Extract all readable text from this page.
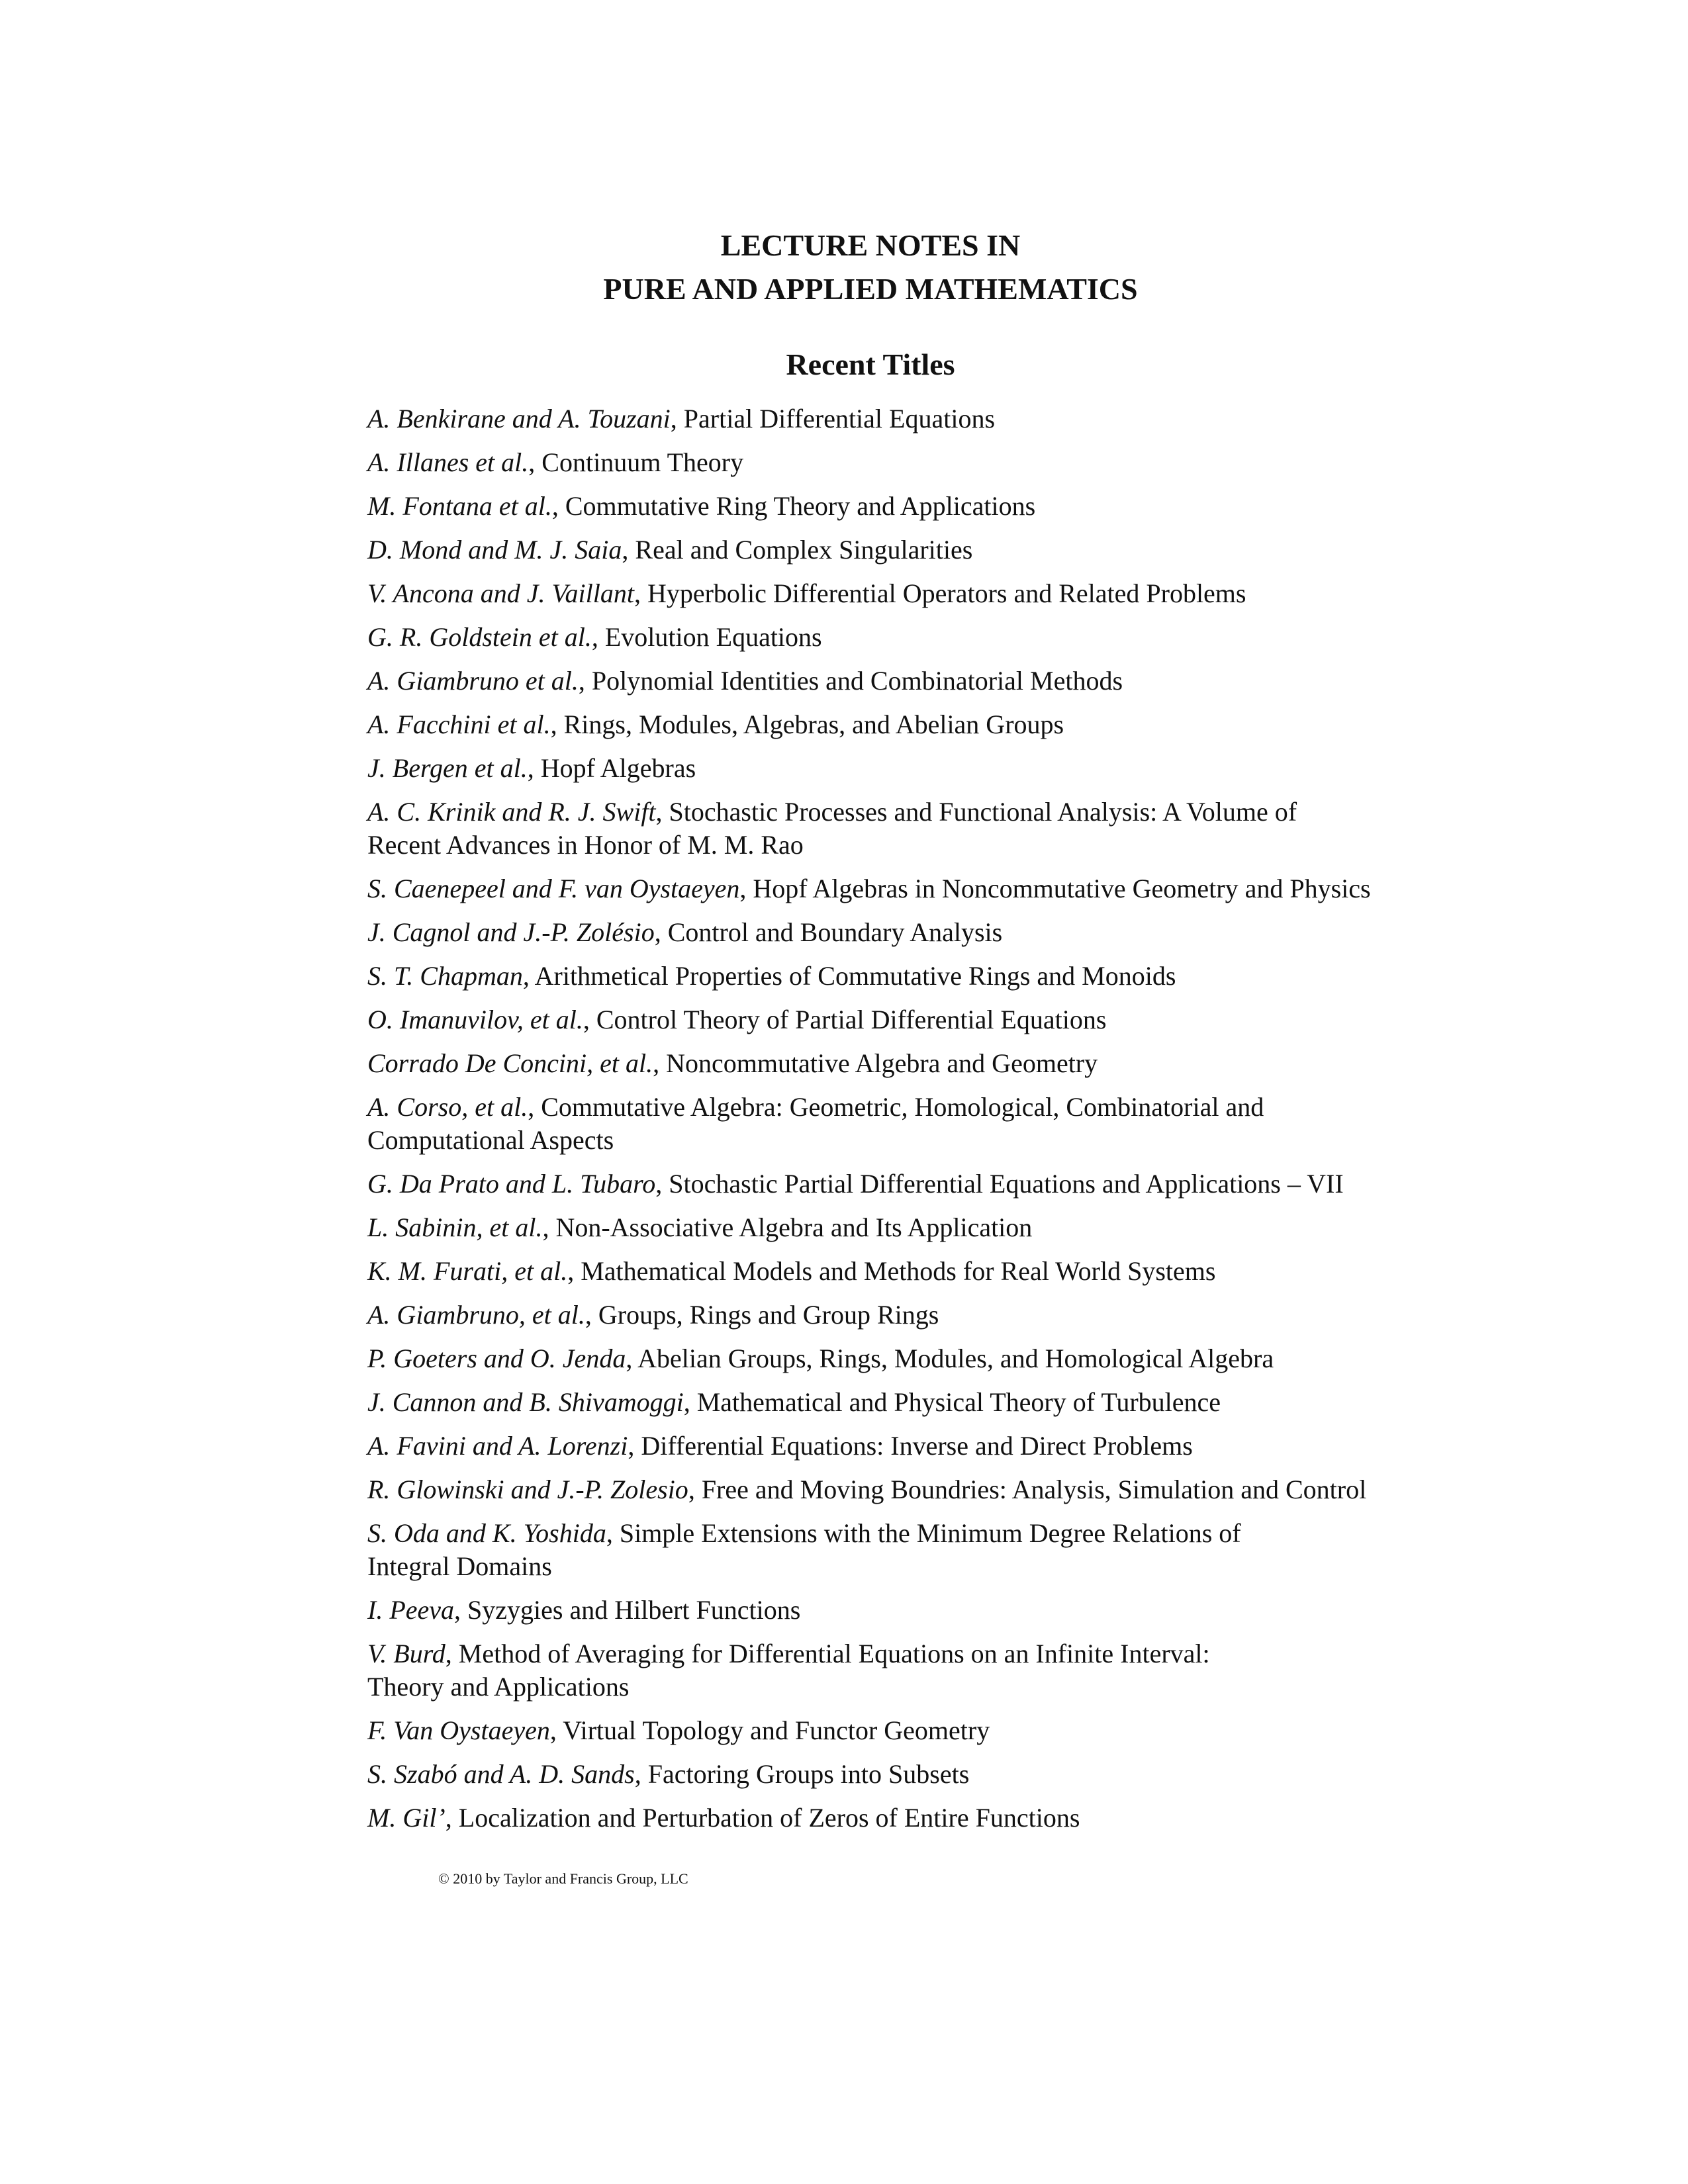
LECTURE NOTES IN
PURE AND APPLIED MATHEMATICS
Recent Titles
A. Benkirane and A. Touzani, Partial Differential Equations
A. Illanes et al., Continuum Theory
M. Fontana et al., Commutative Ring Theory and Applications
D. Mond and M. J. Saia, Real and Complex Singularities
V. Ancona and J. Vaillant, Hyperbolic Differential Operators and Related Problems
G. R. Goldstein et al., Evolution Equations
A. Giambruno et al., Polynomial Identities and Combinatorial Methods
A. Facchini et al., Rings, Modules, Algebras, and Abelian Groups
J. Bergen et al., Hopf Algebras
A. C. Krinik and R. J. Swift, Stochastic Processes and Functional Analysis: A Volume of
Recent Advances in Honor of M. M. Rao
S. Caenepeel and F. van Oystaeyen, Hopf Algebras in Noncommutative Geometry and Physics
J. Cagnol and J.-P. Zolésio, Control and Boundary Analysis
S. T. Chapman, Arithmetical Properties of Commutative Rings and Monoids
O. Imanuvilov, et al., Control Theory of Partial Differential Equations
Corrado De Concini, et al., Noncommutative Algebra and Geometry
A. Corso, et al., Commutative Algebra: Geometric, Homological, Combinatorial and
Computational Aspects
G. Da Prato and L. Tubaro, Stochastic Partial Differential Equations and Applications – VII
L. Sabinin, et al., Non-Associative Algebra and Its Application
K. M. Furati, et al., Mathematical Models and Methods for Real World Systems
A. Giambruno, et al., Groups, Rings and Group Rings
P. Goeters and O. Jenda, Abelian Groups, Rings, Modules, and Homological Algebra
J. Cannon and B. Shivamoggi, Mathematical and Physical Theory of Turbulence
A. Favini and A. Lorenzi, Differential Equations: Inverse and Direct Problems
R. Glowinski and J.-P. Zolesio, Free and Moving Boundries: Analysis, Simulation and Control
S. Oda and K. Yoshida, Simple Extensions with the Minimum Degree Relations of
Integral Domains
I. Peeva, Syzygies and Hilbert Functions
V. Burd, Method of Averaging for Differential Equations on an Infinite Interval:
Theory and Applications
F. Van Oystaeyen, Virtual Topology and Functor Geometry
S. Szabó and A. D. Sands, Factoring Groups into Subsets
M. Gil’, Localization and Perturbation of Zeros of Entire Functions
© 2010 by Taylor and Francis Group, LLC
